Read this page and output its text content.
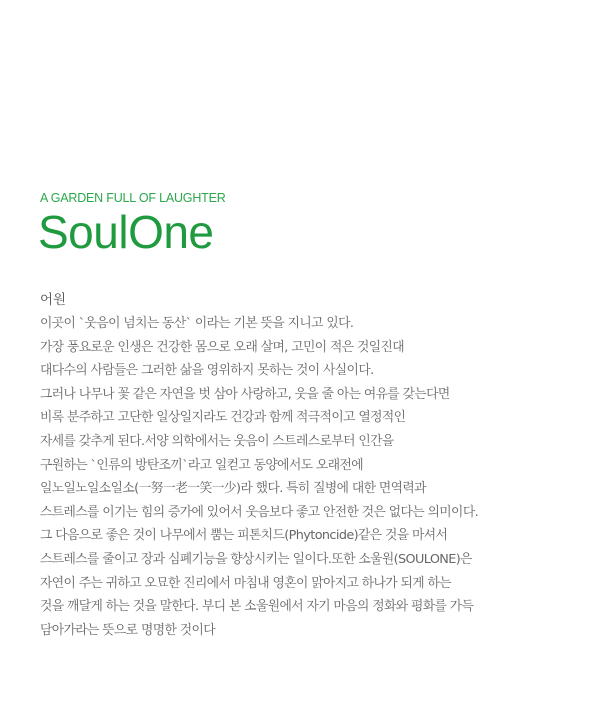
A GARDEN FULL OF LAUGHTER
SoulOne
어원
이곳이 `웃음이 넘치는 동산` 이라는 기본 뜻을 지니고 있다.
가장 풍요로운 인생은 건강한 몸으로 오래 살며, 고민이 적은 것일진대
대다수의 사람들은 그러한 삶을 영위하지 못하는 것이 사실이다.
그러나 나무나 꽃 같은 자연을 벗 삼아 사랑하고, 웃을 줄 아는 여유를 갖는다면
비록 분주하고 고단한 일상일지라도 건강과 함께 적극적이고 열정적인
자세를 갖추게 된다.서양 의학에서는 웃음이 스트레스로부터 인간을
구원하는 `인류의 방탄조끼`라고 일컫고 동양에서도 오래전에
일노일노일소일소(一努一老一笑一少)라 했다. 특히 질병에 대한 면역력과
스트레스를 이기는 힘의 증가에 있어서 웃음보다 좋고 안전한 것은 없다는 의미이다.
그 다음으로 좋은 것이 나무에서 뿜는 피톤치드(Phytoncide)같은 것을 마셔서
스트레스를 줄이고 장과 심폐기능을 향상시키는 일이다.또한 소울원(SOULONE)은
자연이 주는 귀하고 오묘한 진리에서 마침내 영혼이 맑아지고 하나가 되게 하는
것을 깨달게 하는 것을 말한다. 부디 본 소울원에서 자기 마음의 정화와 평화를 가득
담아가라는 뜻으로 명명한 것이다
